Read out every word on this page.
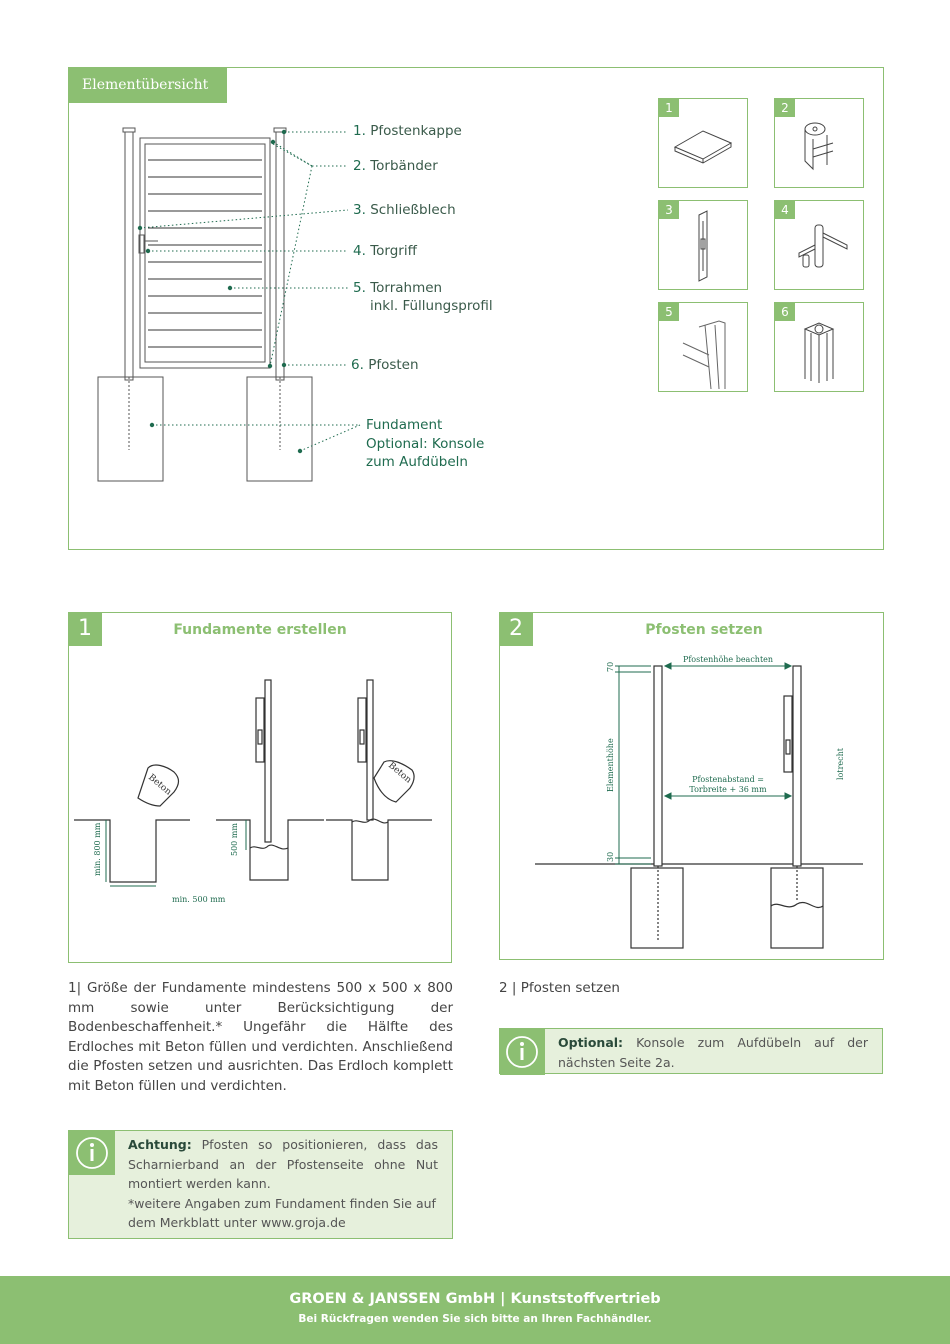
Elementübersicht
1. Pfostenkappe
2. Torbänder
3. Schließblech
4. Torgriff
5. Torrahmen
inkl. Füllungsprofil
6. Pfosten
Fundament
Optional: Konsole
zum Aufdübeln
1	2
3	4
5	6
1	Fundamente erstellen
min. 500 mm
min. 800 mm	500 mm
Beton	Beton
1| Größe der Fundamente mindestens 500 x 500 x 800 mm sowie unter Berücksichtigung der Bodenbeschaffenheit.* Ungefähr die Hälfte des Erdloches mit Beton füllen und verdichten. Anschließend die Pfosten setzen und ausrichten. Das Erdloch komplett mit Beton füllen und verdichten.
2	Pfosten setzen
Pfostenhöhe beachten
Pfostenabstand =
Torbreite + 36 mm
Elementhöhe
70
30
lotrecht
2 | Pfosten setzen
Optional: Konsole zum Aufdübeln auf der nächsten Seite 2a.
Achtung: Pfosten so positionieren, dass das Scharnierband an der Pfostenseite ohne Nut montiert werden kann.
*weitere Angaben zum Fundament finden Sie auf dem Merkblatt unter www.groja.de
GROEN & JANSSEN GmbH | Kunststoffvertrieb
Bei Rückfragen wenden Sie sich bitte an Ihren Fachhändler.
